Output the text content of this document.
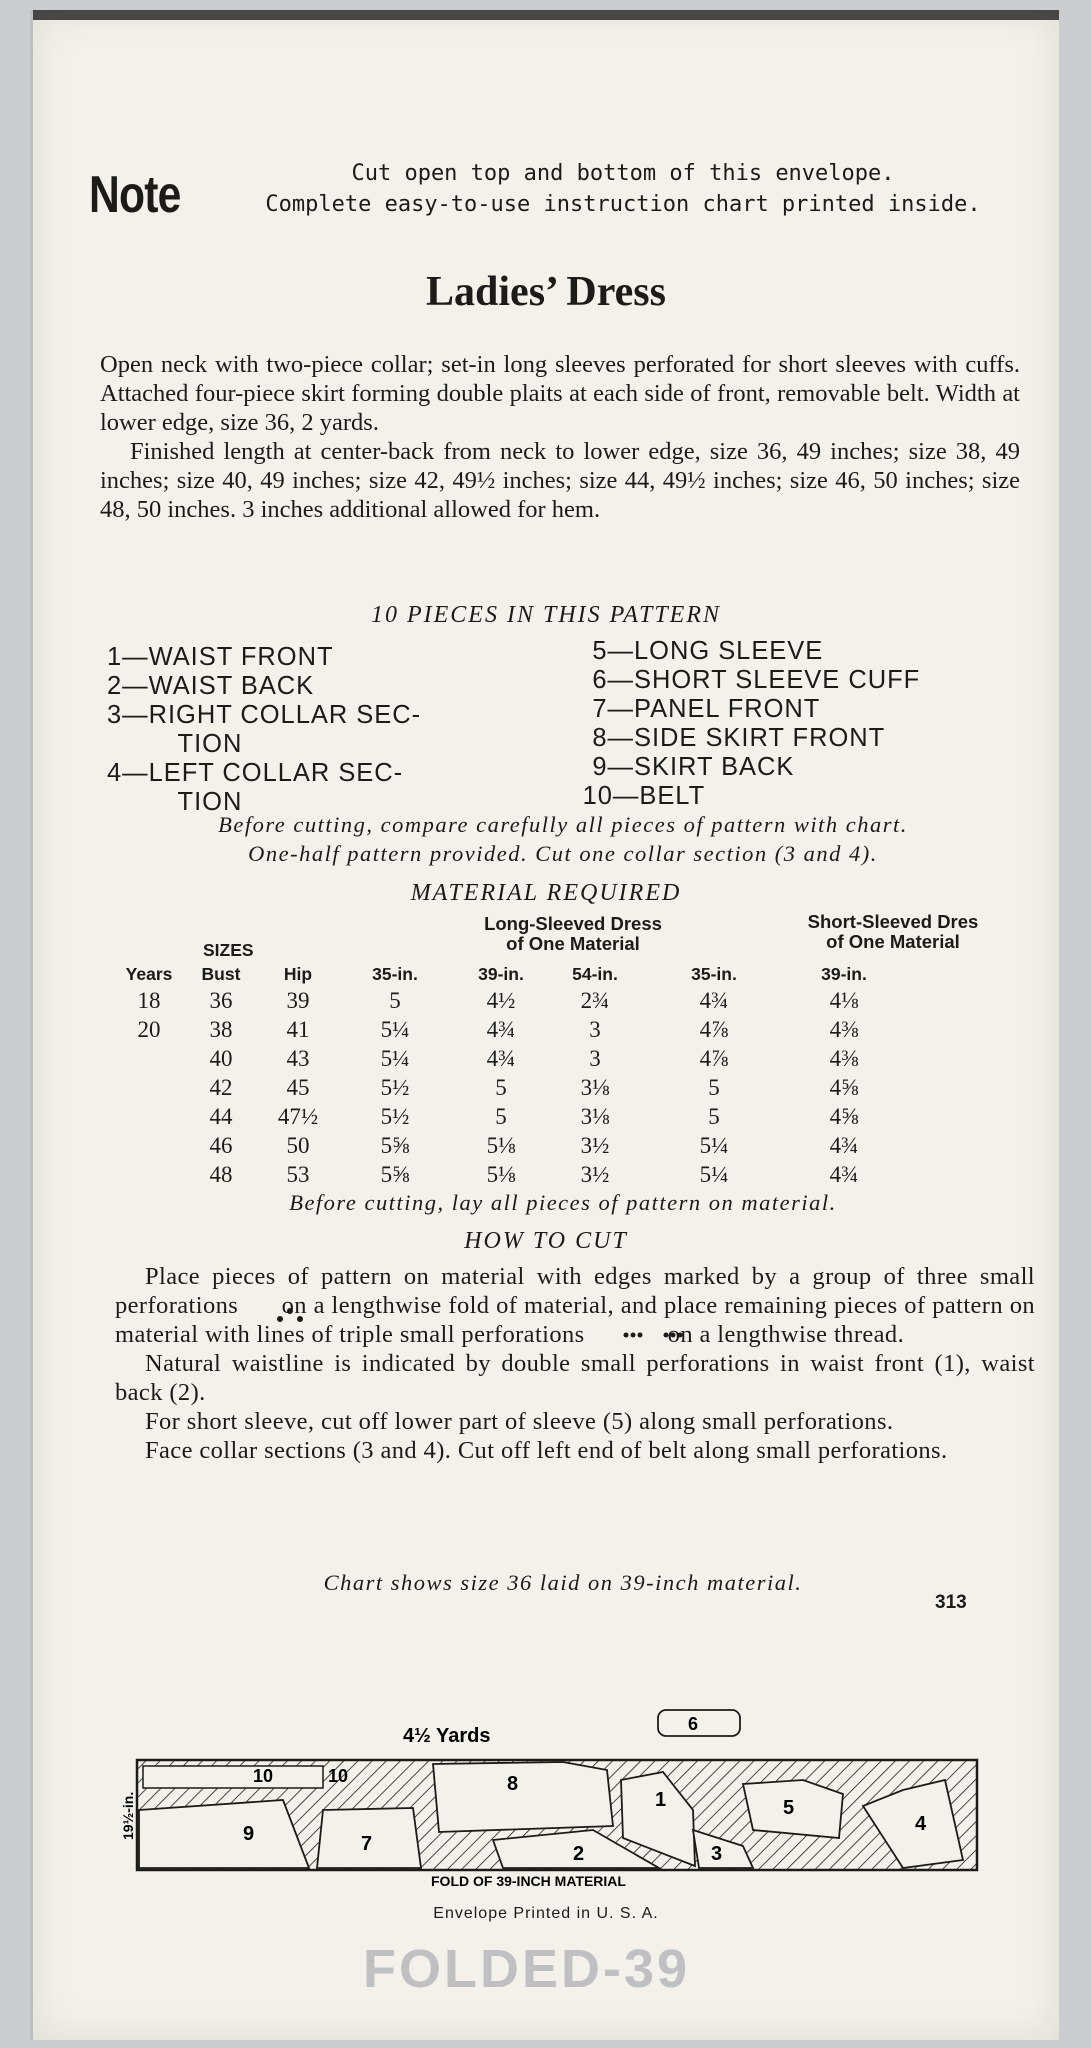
Note	Cut open top and bottom of this envelope.
Complete easy-to-use instruction chart printed inside.
Ladies’ Dress

Open neck with two-piece collar; set-in long sleeves perforated for short sleeves with cuffs. Attached four-piece skirt forming double plaits at each side of front, removable belt. Width at lower edge, size 36, 2 yards.

Finished length at center-back from neck to lower edge, size 36, 49 inches; size 38, 49 inches; size 40, 49 inches; size 42, 49½ inches; size 44, 49½ inches; size 46, 50 inches; size 48, 50 inches. 3 inches additional allowed for hem.

10 PIECES IN THIS PATTERN
1—WAIST FRONT
2—WAIST BACK
3—RIGHT COLLAR SEC-
TION
4—LEFT COLLAR SEC-
TION
5—LONG SLEEVE
6—SHORT SLEEVE CUFF
7—PANEL FRONT
8—SIDE SKIRT FRONT
9—SKIRT BACK
10—BELT
Before cutting, compare carefully all pieces of pattern with chart.
One-half pattern provided. Cut one collar section (3 and 4).
MATERIAL REQUIRED
Long-Sleeved Dress
of One Material
Short-Sleeved Dres
of One Material
SIZES
Years	Bust	Hip	35-in.	39-in.	54-in.	35-in.	39-in.
18	36	39	5	4½	2¾	4¾	4⅛
20	38	41	5¼	4¾	3	4⅞	4⅜
	40	43	5¼	4¾	3	4⅞	4⅜
	42	45	5½	5	3⅛	5	4⅝
	44	47½	5½	5	3⅛	5	4⅝
	46	50	5⅝	5⅛	3½	5¼	4¾
	48	53	5⅝	5⅛	3½	5¼	4¾
Before cutting, lay all pieces of pattern on material.
HOW TO CUT

Place pieces of pattern on material with edges marked by a group of three small perforations on a lengthwise fold of material, and place remaining pieces of pattern on material with lines of triple small perforations	on a lengthwise thread.

Natural waistline is indicated by double small perforations in waist front (1), waist back (2).

For short sleeve, cut off lower part of sleeve (5) along small perforations.

Face collar sections (3 and 4). Cut off left end of belt along small perforations.

Chart shows size 36 laid on 39-inch material.
313
4½ Yards
19½-in.
FOLD OF 39-INCH MATERIAL
10	10
9	7
8
1
2	3
5
4
6
Envelope Printed in U. S. A.
FOLDED-39
